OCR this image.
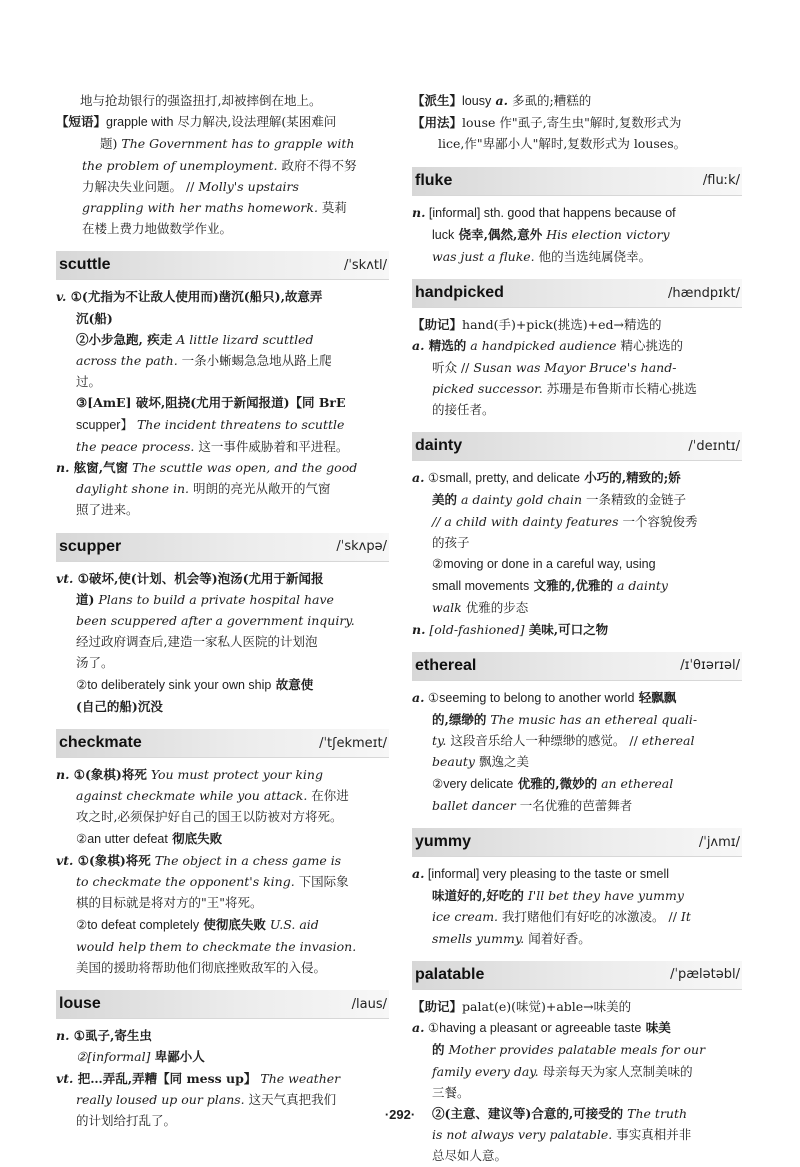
地与抢劫银行的强盗扭打,却被摔倒在地上。
【短语】grapple with 尽力解决,设法理解(某困难问
题) The Government has to grapple with
the problem of unemployment. 政府不得不努
力解决失业问题。 // Molly's upstairs
grappling with her maths homework. 莫莉
在楼上费力地做数学作业。
scuttle	/ˈskʌtl/
v. ①(尤指为不让敌人使用而)凿沉(船只),故意弄
沉(船)
②小步急跑, 疾走 A little lizard scuttled
across the path. 一条小蜥蜴急急地从路上爬
过。
③[AmE] 破坏,阻挠(尤用于新闻报道)【同 BrE
scupper】 The incident threatens to scuttle
the peace process. 这一事件威胁着和平进程。
n. 舷窗,气窗 The scuttle was open, and the good
daylight shone in. 明朗的亮光从敞开的气窗
照了进来。
scupper	/ˈskʌpə/
vt. ①破坏,使(计划、机会等)泡汤(尤用于新闻报
道) Plans to build a private hospital have
been scuppered after a government inquiry.
经过政府调查后,建造一家私人医院的计划泡
汤了。
②to deliberately sink your own ship 故意使
(自己的船)沉没
checkmate	/ˈtʃekmeɪt/
n. ①(象棋)将死 You must protect your king
against checkmate while you attack. 在你进
攻之时,必须保护好自己的国王以防被对方将死。
②an utter defeat 彻底失败
vt. ①(象棋)将死 The object in a chess game is
to checkmate the opponent's king. 下国际象
棋的目标就是将对方的"王"将死。
②to defeat completely 使彻底失败 U.S. aid
would help them to checkmate the invasion.
美国的援助将帮助他们彻底挫败敌军的入侵。
louse	/laus/
n. ①虱子,寄生虫
②[informal] 卑鄙小人
vt. 把…弄乱,弄糟【同 mess up】 The weather
really loused up our plans. 这天气真把我们
的计划给打乱了。
【派生】lousy a. 多虱的;糟糕的
【用法】louse 作"虱子,寄生虫"解时,复数形式为
lice,作"卑鄙小人"解时,复数形式为 louses。
fluke	/fluːk/
n. [informal] sth. good that happens because of
luck 侥幸,偶然,意外 His election victory
was just a fluke. 他的当选纯属侥幸。
handpicked	/hændpɪkt/
【助记】hand(手)+pick(挑选)+ed→精选的
a. 精选的 a handpicked audience 精心挑选的
听众 // Susan was Mayor Bruce's hand-
picked successor. 苏珊是布鲁斯市长精心挑选
的接任者。
dainty	/ˈdeɪntɪ/
a. ①small, pretty, and delicate 小巧的,精致的;娇
美的 a dainty gold chain 一条精致的金链子
// a child with dainty features 一个容貌俊秀
的孩子
②moving or done in a careful way, using
small movements 文雅的,优雅的 a dainty
walk 优雅的步态
n. [old-fashioned] 美味,可口之物
ethereal	/ɪˈθɪərɪəl/
a. ①seeming to belong to another world 轻飘飘
的,缥缈的 The music has an ethereal quali-
ty. 这段音乐给人一种缥缈的感觉。 // ethereal
beauty 飘逸之美
②very delicate 优雅的,微妙的 an ethereal
ballet dancer 一名优雅的芭蕾舞者
yummy	/ˈjʌmɪ/
a. [informal] very pleasing to the taste or smell
味道好的,好吃的 I'll bet they have yummy
ice cream. 我打赌他们有好吃的冰激凌。 // It
smells yummy. 闻着好香。
palatable	/ˈpælətəbl/
【助记】palat(e)(味觉)+able→味美的
a. ①having a pleasant or agreeable taste 味美
的 Mother provides palatable meals for our
family every day. 母亲每天为家人烹制美味的
三餐。
②(主意、建议等)合意的,可接受的 The truth
is not always very palatable. 事实真相并非
总尽如人意。
·292·
